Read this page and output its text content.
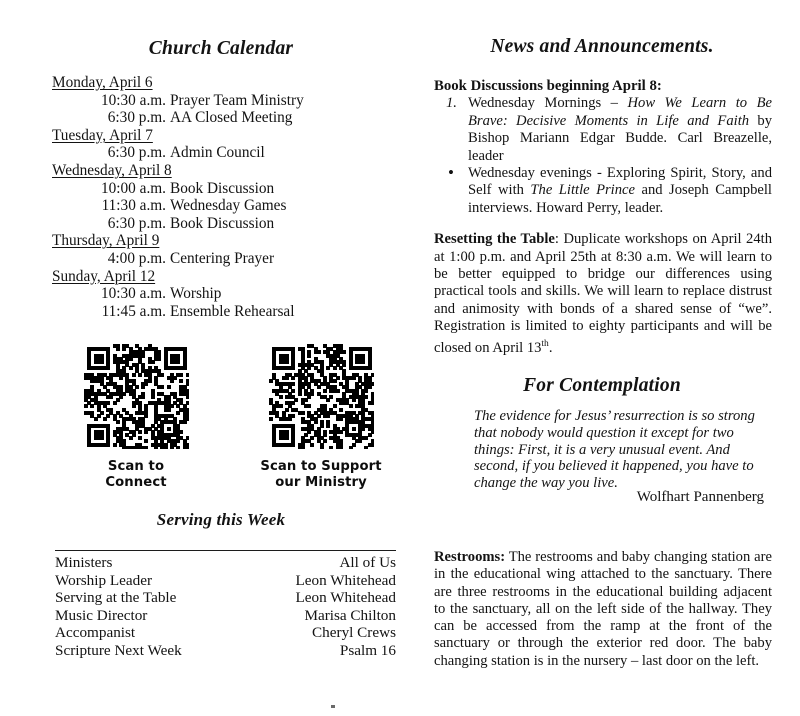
Church Calendar
Monday, April 6
10:30 a.m. Prayer Team Ministry
6:30 p.m. AA Closed Meeting
Tuesday, April 7
6:30 p.m. Admin Council
Wednesday, April 8
10:00 a.m. Book Discussion
11:30 a.m. Wednesday Games
6:30 p.m. Book Discussion
Thursday, April 9
4:00 p.m. Centering Prayer
Sunday, April 12
10:30 a.m. Worship
11:45 a.m. Ensemble Rehearsal
Scan to
Connect
Scan to Support
our Ministry
Serving this Week
Ministers	All of Us
Worship Leader	Leon Whitehead
Serving at the Table	Leon Whitehead
Music Director	Marisa Chilton
Accompanist	Cheryl Crews
Scripture Next Week	Psalm 16
News and Announcements.
Book Discussions beginning April 8:
1. Wednesday Mornings – How We Learn to Be Brave: Decisive Moments in Life and Faith by Bishop Mariann Edgar Budde. Carl Breazelle, leader
• Wednesday evenings - Exploring Spirit, Story, and Self with The Little Prince and Joseph Campbell interviews. Howard Perry, leader.
Resetting the Table: Duplicate workshops on April 24th at 1:00 p.m. and April 25th at 8:30 a.m. We will learn to be better equipped to bridge our differences using practical tools and skills. We will learn to replace distrust and animosity with bonds of a shared sense of “we”. Registration is limited to eighty participants and will be closed on April 13th.
For Contemplation
The evidence for Jesus’ resurrection is so strong that nobody would question it except for two things: First, it is a very unusual event. And second, if you believed it happened, you have to change the way you live.
Wolfhart Pannenberg
Restrooms: The restrooms and baby changing station are in the educational wing attached to the sanctuary. There are three restrooms in the educational building adjacent to the sanctuary, all on the left side of the hallway. They can be accessed from the ramp at the front of the sanctuary or through the exterior red door. The baby changing station is in the nursery – last door on the left.
